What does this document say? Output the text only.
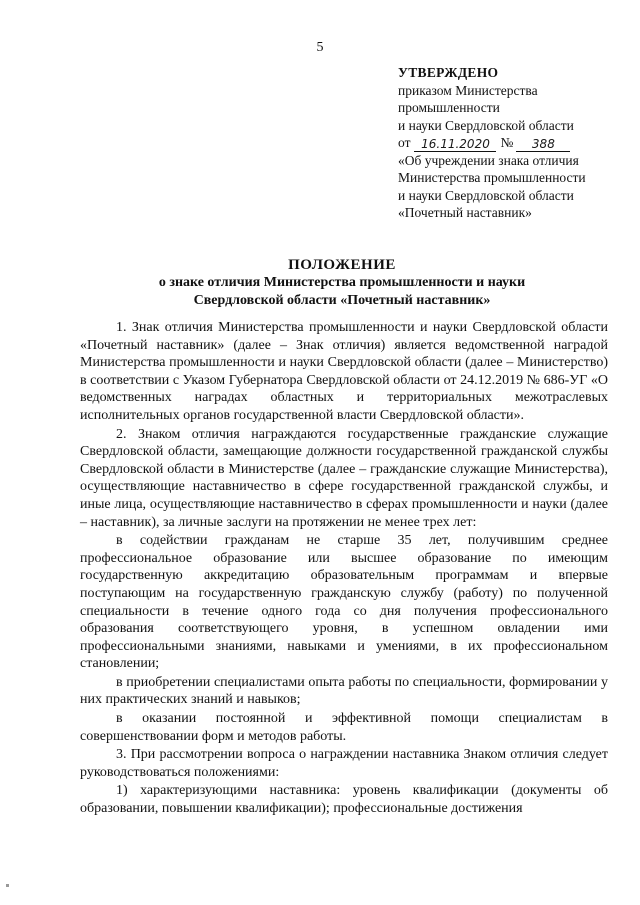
5
УТВЕРЖДЕНО
приказом Министерства
промышленности
и науки Свердловской области
от 16.11.2020 №	388
«Об учреждении знака отличия
Министерства промышленности
и науки Свердловской области
«Почетный наставник»
ПОЛОЖЕНИЕ
о знаке отличия Министерства промышленности и науки
Свердловской области «Почетный наставник»

1. Знак отличия Министерства промышленности и науки Свердловской области «Почетный наставник» (далее – Знак отличия) является ведомственной наградой Министерства промышленности и науки Свердловской области (далее – Министерство) в соответствии с Указом Губернатора Свердловской области от 24.12.2019 № 686-УГ «О ведомственных наградах областных и территориальных межотраслевых исполнительных органов государственной власти Свердловской области».

2. Знаком отличия награждаются государственные гражданские служащие Свердловской области, замещающие должности государственной гражданской службы Свердловской области в Министерстве (далее – гражданские служащие Министерства), осуществляющие наставничество в сфере государственной гражданской службы, и иные лица, осуществляющие наставничество в сферах промышленности и науки (далее – наставник), за личные заслуги на протяжении не менее трех лет:

в содействии гражданам не старше 35 лет, получившим среднее профессиональное образование или высшее образование по имеющим государственную аккредитацию образовательным программам и впервые поступающим на государственную гражданскую службу (работу) по полученной специальности в течение одного года со дня получения профессионального образования соответствующего уровня, в успешном овладении ими профессиональными знаниями, навыками и умениями, в их профессиональном становлении;

в приобретении специалистами опыта работы по специальности, формировании у них практических знаний и навыков;

в оказании постоянной и эффективной помощи специалистам в совершенствовании форм и методов работы.

3. При рассмотрении вопроса о награждении наставника Знаком отличия следует руководствоваться положениями:

1) характеризующими наставника: уровень квалификации (документы об образовании, повышении квалификации); профессиональные достижения
